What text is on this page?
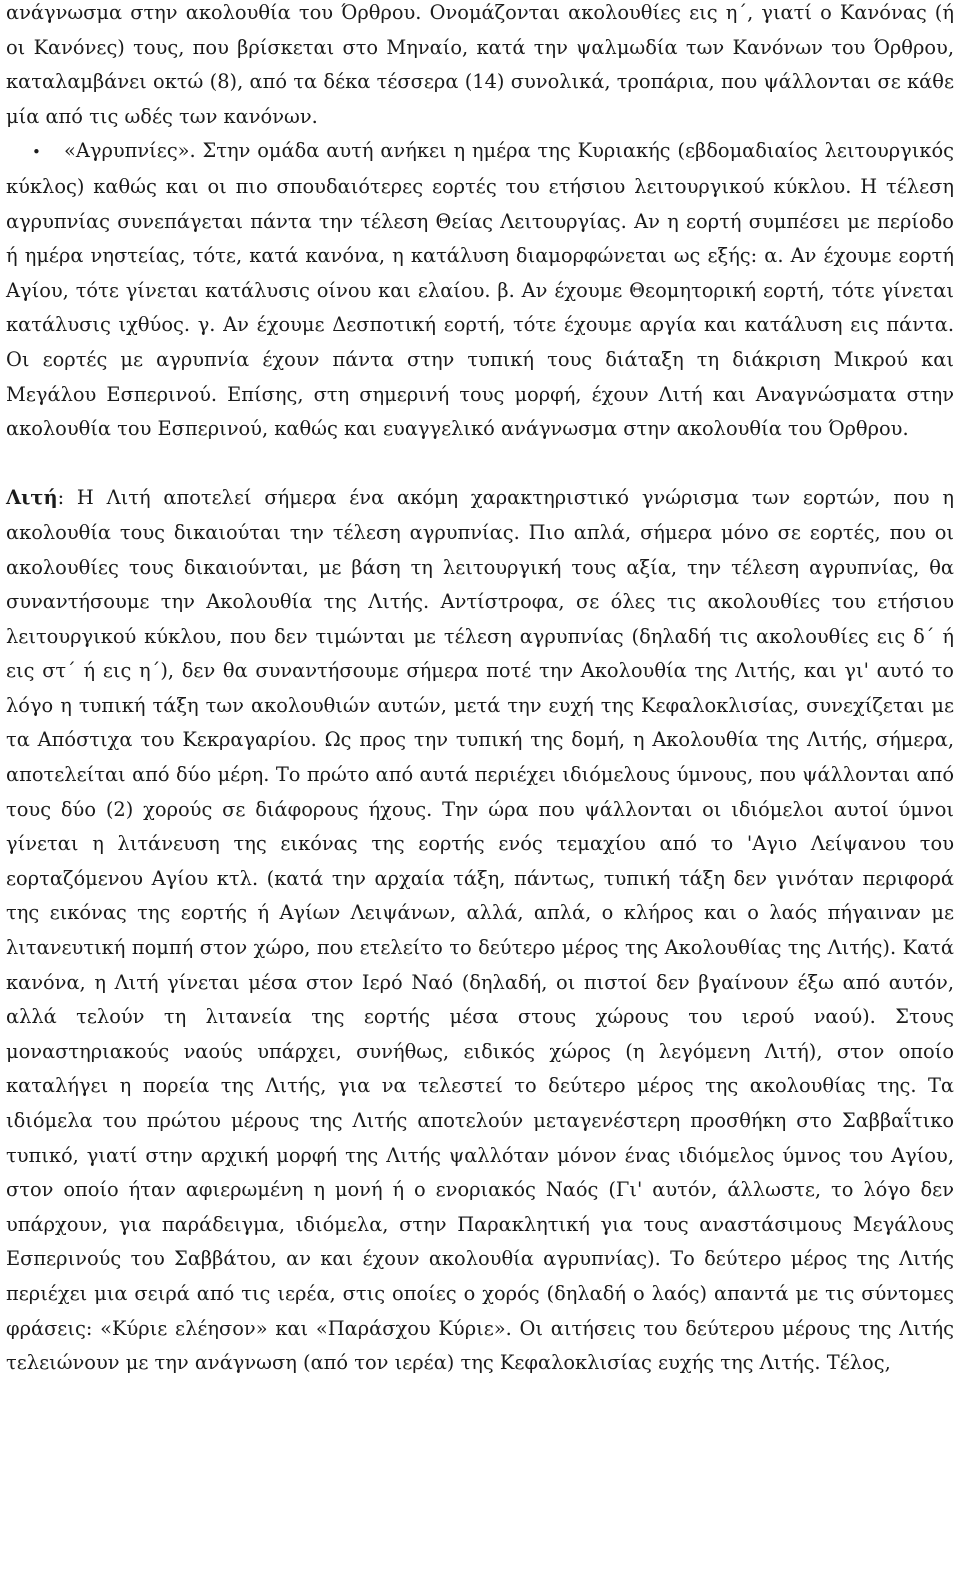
ανάγνωσμα στην ακολουθία του Όρθρου. Ονομάζονται ακολουθίες εις η΄, γιατί ο Κανόνας (ή οι Κανόνες) τους, που βρίσκεται στο Μηναίο, κατά την ψαλμωδία των Κανόνων του Όρθρου, καταλαμβάνει οκτώ (8), από τα δέκα τέσσερα (14) συνολικά, τροπάρια, που ψάλλονται σε κάθε μία από τις ωδές των κανόνων.

• «Αγρυπνίες». Στην ομάδα αυτή ανήκει η ημέρα της Κυριακής (εβδομαδιαίος λειτουργικός κύκλος) καθώς και οι πιο σπουδαιότερες εορτές του ετήσιου λειτουργικού κύκλου. Η τέλεση αγρυπνίας συνεπάγεται πάντα την τέλεση Θείας Λειτουργίας. Αν η εορτή συμπέσει με περίοδο ή ημέρα νηστείας, τότε, κατά κανόνα, η κατάλυση διαμορφώνεται ως εξής: α. Αν έχουμε εορτή Αγίου, τότε γίνεται κατάλυσις οίνου και ελαίου. β. Αν έχουμε Θεομητορική εορτή, τότε γίνεται κατάλυσις ιχθύος. γ. Αν έχουμε Δεσποτική εορτή, τότε έχουμε αργία και κατάλυση εις πάντα. Οι εορτές με αγρυπνία έχουν πάντα στην τυπική τους διάταξη τη διάκριση Μικρού και Μεγάλου Εσπερινού. Επίσης, στη σημερινή τους μορφή, έχουν Λιτή και Αναγνώσματα στην ακολουθία του Εσπερινού, καθώς και ευαγγελικό ανάγνωσμα στην ακολουθία του Όρθρου.

Λιτή: Η Λιτή αποτελεί σήμερα ένα ακόμη χαρακτηριστικό γνώρισμα των εορτών, που η ακολουθία τους δικαιούται την τέλεση αγρυπνίας. Πιο απλά, σήμερα μόνο σε εορτές, που οι ακολουθίες τους δικαιούνται, με βάση τη λειτουργική τους αξία, την τέλεση αγρυπνίας, θα συναντήσουμε την Ακολουθία της Λιτής. Αντίστροφα, σε όλες τις ακολουθίες του ετήσιου λειτουργικού κύκλου, που δεν τιμώνται με τέλεση αγρυπνίας (δηλαδή τις ακολουθίες εις δ΄ ή εις στ΄ ή εις η΄), δεν θα συναντήσουμε σήμερα ποτέ την Ακολουθία της Λιτής, και γι' αυτό το λόγο η τυπική τάξη των ακολουθιών αυτών, μετά την ευχή της Κεφαλοκλισίας, συνεχίζεται με τα Απόστιχα του Κεκραγαρίου. Ως προς την τυπική της δομή, η Ακολουθία της Λιτής, σήμερα, αποτελείται από δύο μέρη. Το πρώτο από αυτά περιέχει ιδιόμελους ύμνους, που ψάλλονται από τους δύο (2) χορούς σε διάφορους ήχους. Την ώρα που ψάλλονται οι ιδιόμελοι αυτοί ύμνοι γίνεται η λιτάνευση της εικόνας της εορτής ενός τεμαχίου από το 'Αγιο Λείψανου του εορταζόμενου Αγίου κτλ. (κατά την αρχαία τάξη, πάντως, τυπική τάξη δεν γινόταν περιφορά της εικόνας της εορτής ή Αγίων Λειψάνων, αλλά, απλά, ο κλήρος και ο λαός πήγαιναν με λιτανευτική πομπή στον χώρο, που ετελείτο το δεύτερο μέρος της Ακολουθίας της Λιτής). Κατά κανόνα, η Λιτή γίνεται μέσα στον Ιερό Ναό (δηλαδή, οι πιστοί δεν βγαίνουν έξω από αυτόν, αλλά τελούν τη λιτανεία της εορτής μέσα στους χώρους του ιερού ναού). Στους μοναστηριακούς ναούς υπάρχει, συνήθως, ειδικός χώρος (η λεγόμενη Λιτή), στον οποίο καταλήγει η πορεία της Λιτής, για να τελεστεί το δεύτερο μέρος της ακολουθίας της. Τα ιδιόμελα του πρώτου μέρους της Λιτής αποτελούν μεταγενέστερη προσθήκη στο Σαββαΐτικο τυπικό, γιατί στην αρχική μορφή της Λιτής ψαλλόταν μόνον ένας ιδιόμελος ύμνος του Αγίου, στον οποίο ήταν αφιερωμένη η μονή ή ο ενοριακός Ναός (Γι' αυτόν, άλλωστε, το λόγο δεν υπάρχουν, για παράδειγμα, ιδιόμελα, στην Παρακλητική για τους αναστάσιμους Μεγάλους Εσπερινούς του Σαββάτου, αν και έχουν ακολουθία αγρυπνίας). Το δεύτερο μέρος της Λιτής περιέχει μια σειρά από τις ιερέα, στις οποίες ο χορός (δηλαδή ο λαός) απαντά με τις σύντομες φράσεις: «Κύριε ελέησον» και «Παράσχου Κύριε». Οι αιτήσεις του δεύτερου μέρους της Λιτής τελειώνουν με την ανάγνωση (από τον ιερέα) της Κεφαλοκλισίας ευχής της Λιτής. Τέλος,
